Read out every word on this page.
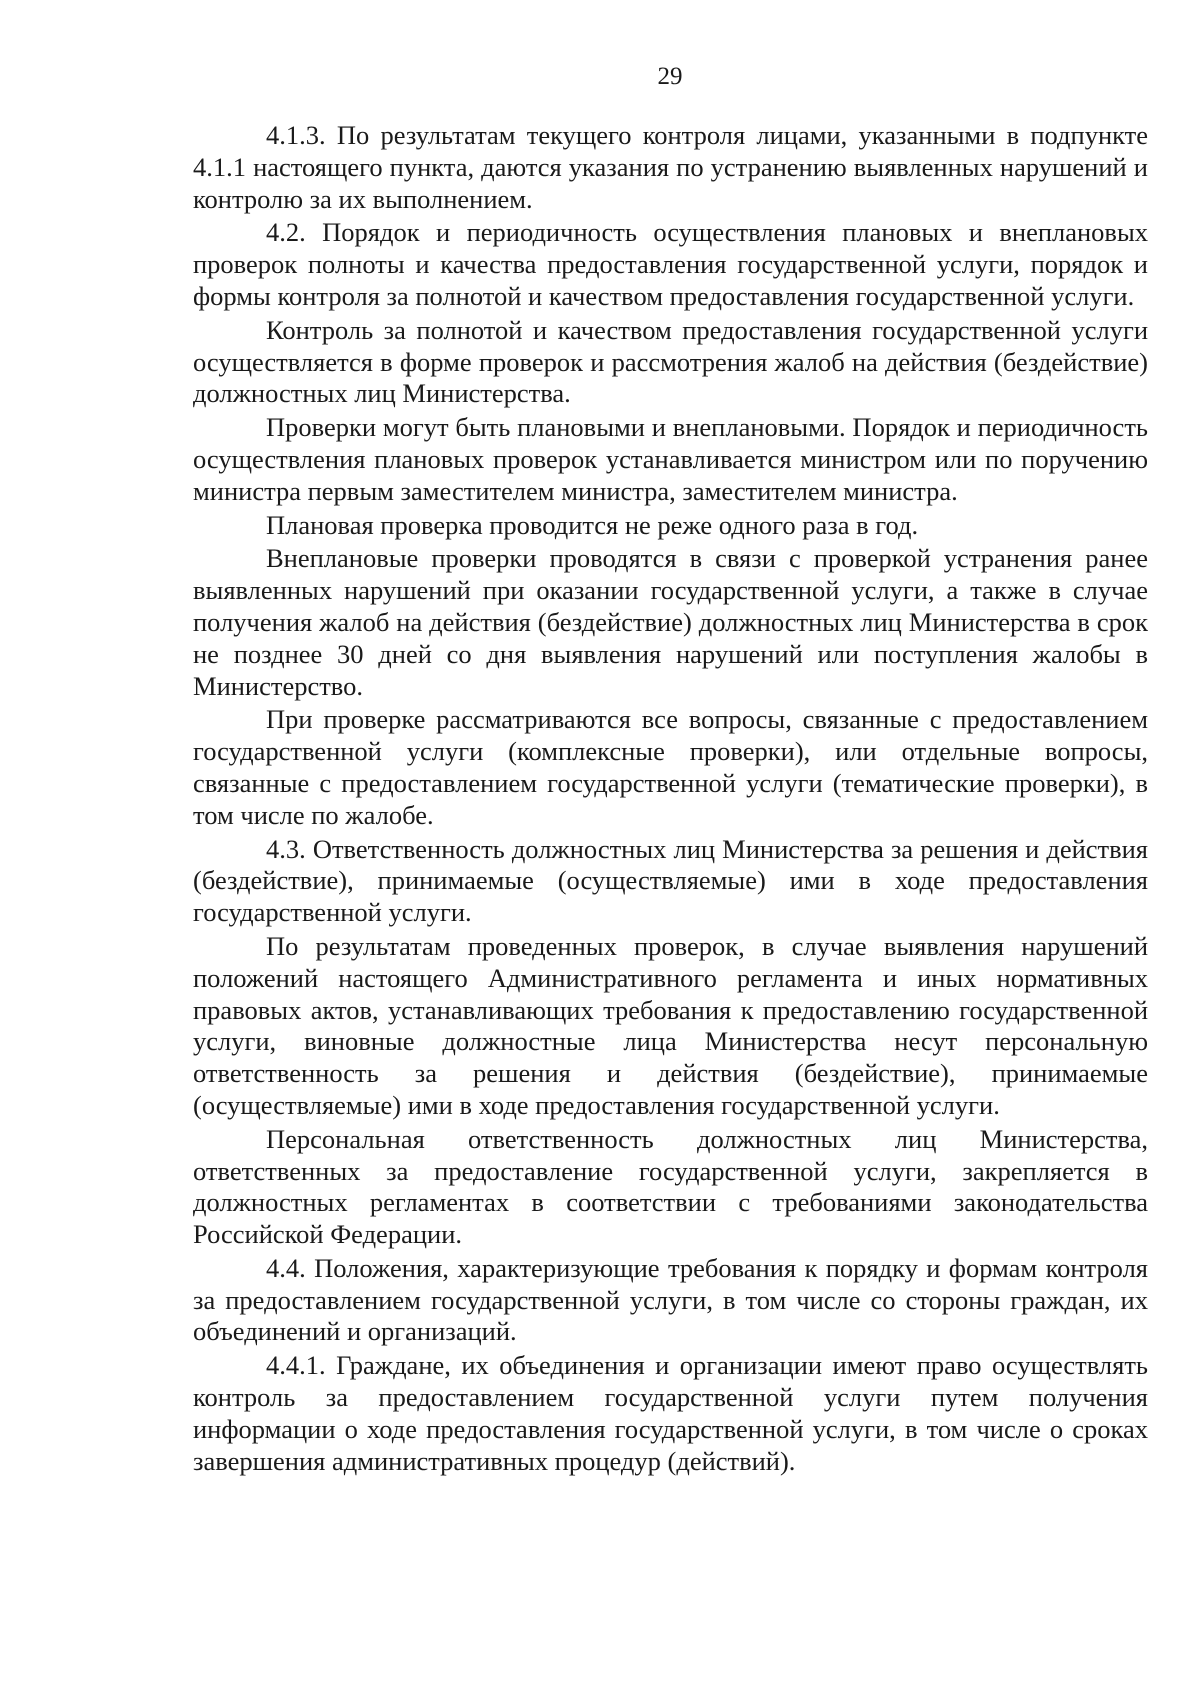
29

4.1.3. По результатам текущего контроля лицами, указанными в подпункте 4.1.1 настоящего пункта, даются указания по устранению выявленных нарушений и контролю за их выполнением.

4.2. Порядок и периодичность осуществления плановых и внеплановых проверок полноты и качества предоставления государственной услуги, порядок и формы контроля за полнотой и качеством предоставления государственной услуги.

Контроль за полнотой и качеством предоставления государственной услуги осуществляется в форме проверок и рассмотрения жалоб на действия (бездействие) должностных лиц Министерства.

Проверки могут быть плановыми и внеплановыми. Порядок и периодичность осуществления плановых проверок устанавливается министром или по поручению министра первым заместителем министра, заместителем министра.

Плановая проверка проводится не реже одного раза в год.

Внеплановые проверки проводятся в связи с проверкой устранения ранее выявленных нарушений при оказании государственной услуги, а также в случае получения жалоб на действия (бездействие) должностных лиц Министерства в срок не позднее 30 дней со дня выявления нарушений или поступления жалобы в Министерство.

При проверке рассматриваются все вопросы, связанные с предоставлением государственной услуги (комплексные проверки), или отдельные вопросы, связанные с предоставлением государственной услуги (тематические проверки), в том числе по жалобе.

4.3. Ответственность должностных лиц Министерства за решения и действия (бездействие), принимаемые (осуществляемые) ими в ходе предоставления государственной услуги.

По результатам проведенных проверок, в случае выявления нарушений положений настоящего Административного регламента и иных нормативных правовых актов, устанавливающих требования к предоставлению государственной услуги, виновные должностные лица Министерства несут персональную ответственность за решения и действия (бездействие), принимаемые (осуществляемые) ими в ходе предоставления государственной услуги.

Персональная ответственность должностных лиц Министерства, ответственных за предоставление государственной услуги, закрепляется в должностных регламентах в соответствии с требованиями законодательства Российской Федерации.

4.4. Положения, характеризующие требования к порядку и формам контроля за предоставлением государственной услуги, в том числе со стороны граждан, их объединений и организаций.

4.4.1. Граждане, их объединения и организации имеют право осуществлять контроль за предоставлением государственной услуги путем получения информации о ходе предоставления государственной услуги, в том числе о сроках завершения административных процедур (действий).
